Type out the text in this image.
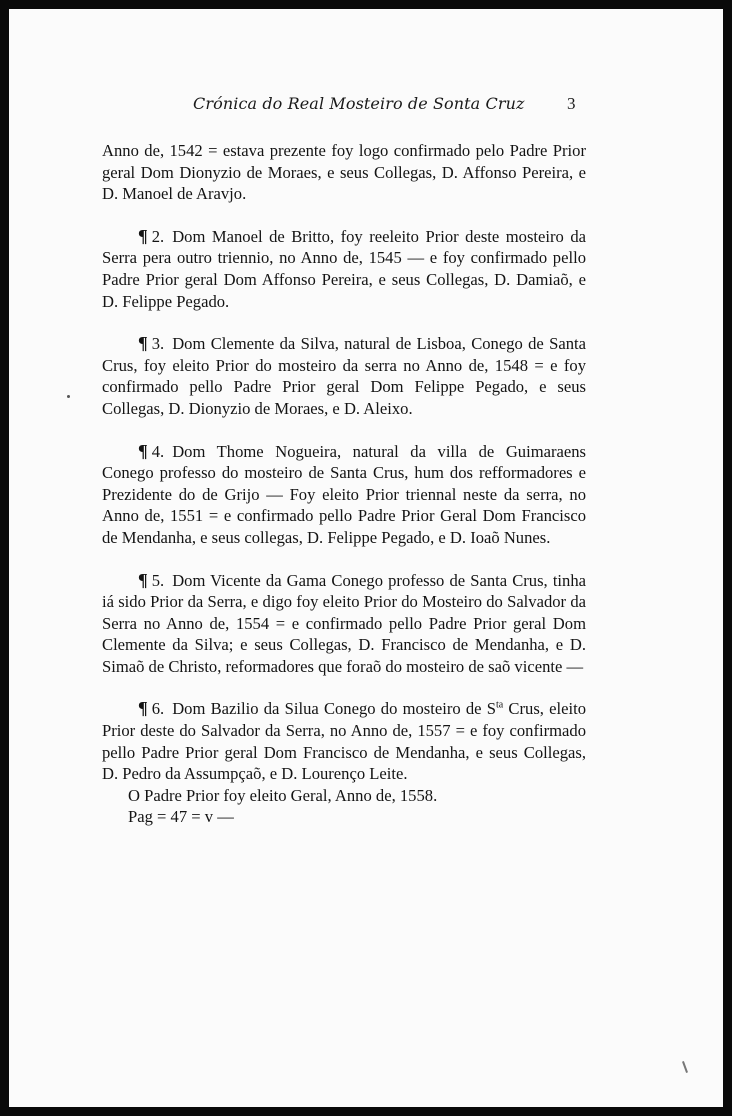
Crónica do Real Mosteiro de Sonta Cruz 3

Anno de, 1542 = estava prezente foy logo confirmado pelo Padre Prior geral Dom Dionyzio de Moraes, e seus Collegas, D. Affonso Pereira, e D. Manoel de Aravjo.

¶ 2. Dom Manoel de Britto, foy reeleito Prior deste mosteiro da Serra pera outro triennio, no Anno de, 1545 — e foy confirmado pello Padre Prior geral Dom Affonso Pereira, e seus Collegas, D. Damiaõ, e D. Felippe Pegado.

¶ 3. Dom Clemente da Silva, natural de Lisboa, Conego de Santa Crus, foy eleito Prior do mosteiro da serra no Anno de, 1548 = e foy confirmado pello Padre Prior geral Dom Felippe Pegado, e seus Collegas, D. Dionyzio de Moraes, e D. Aleixo.

¶ 4. Dom Thome Nogueira, natural da villa de Guimaraens Conego professo do mosteiro de Santa Crus, hum dos refformadores e Prezidente do de Grijo — Foy eleito Prior triennal neste da serra, no Anno de, 1551 = e confirmado pello Padre Prior Geral Dom Francisco de Mendanha, e seus collegas, D. Felippe Pegado, e D. Ioaõ Nunes.

¶ 5. Dom Vicente da Gama Conego professo de Santa Crus, tinha iá sido Prior da Serra, e digo foy eleito Prior do Mosteiro do Salvador da Serra no Anno de, 1554 = e confirmado pello Padre Prior geral Dom Clemente da Silva; e seus Collegas, D. Francisco de Mendanha, e D. Simaõ de Christo, reformadores que foraõ do mosteiro de saõ vicente —

¶ 6. Dom Bazilio da Silua Conego do mosteiro de $S^{ta}$ Crus, eleito Prior deste do Salvador da Serra, no Anno de, 1557 = e foy confirmado pello Padre Prior geral Dom Francisco de Mendanha, e seus Collegas, D. Pedro da Assumpçaõ, e D. Lourenço Leite.

O Padre Prior foy eleito Geral, Anno de, 1558.
Pag = 47 = v —
